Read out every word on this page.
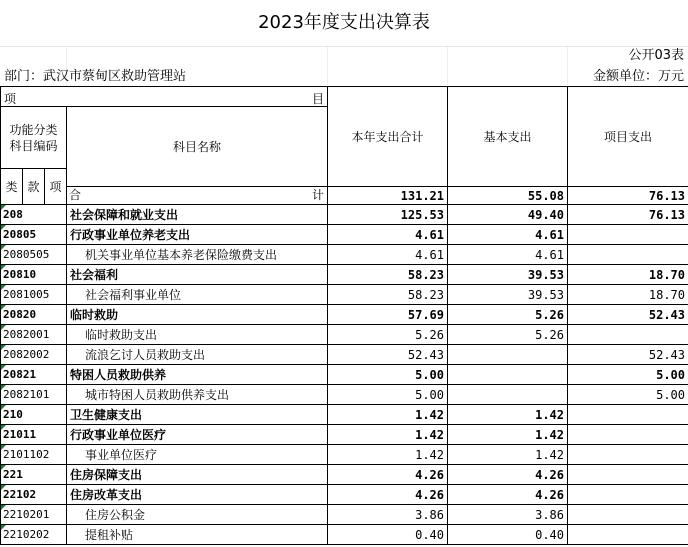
2023年度支出决算表
公开03表
部门：武汉市蔡甸区救助管理站	金额单位：万元
项 目				本年支出合计	基本支出	项目支出	
功能分类
科目编码			科目名称				
类	款	项				

			合 计	131.21	55.08	76.13	
208			社会保障和就业支出	125.53	49.40	76.13	
20805			行政事业单位养老支出	4.61	4.61		
2080505			机关事业单位基本养老保险缴费支出	4.61	4.61		
20810			社会福利	58.23	39.53	18.70	
2081005			社会福利事业单位	58.23	39.53	18.70	
20820			临时救助	57.69	5.26	52.43	
2082001			临时救助支出	5.26	5.26		
2082002			流浪乞讨人员救助支出	52.43		52.43	
20821			特困人员救助供养	5.00		5.00	
2082101			城市特困人员救助供养支出	5.00		5.00	
210			卫生健康支出	1.42	1.42		
21011			行政事业单位医疗	1.42	1.42		
2101102			事业单位医疗	1.42	1.42		
221			住房保障支出	4.26	4.26		
22102			住房改革支出	4.26	4.26		
2210201			住房公积金	3.86	3.86		
2210202			提租补贴	0.40	0.40		
